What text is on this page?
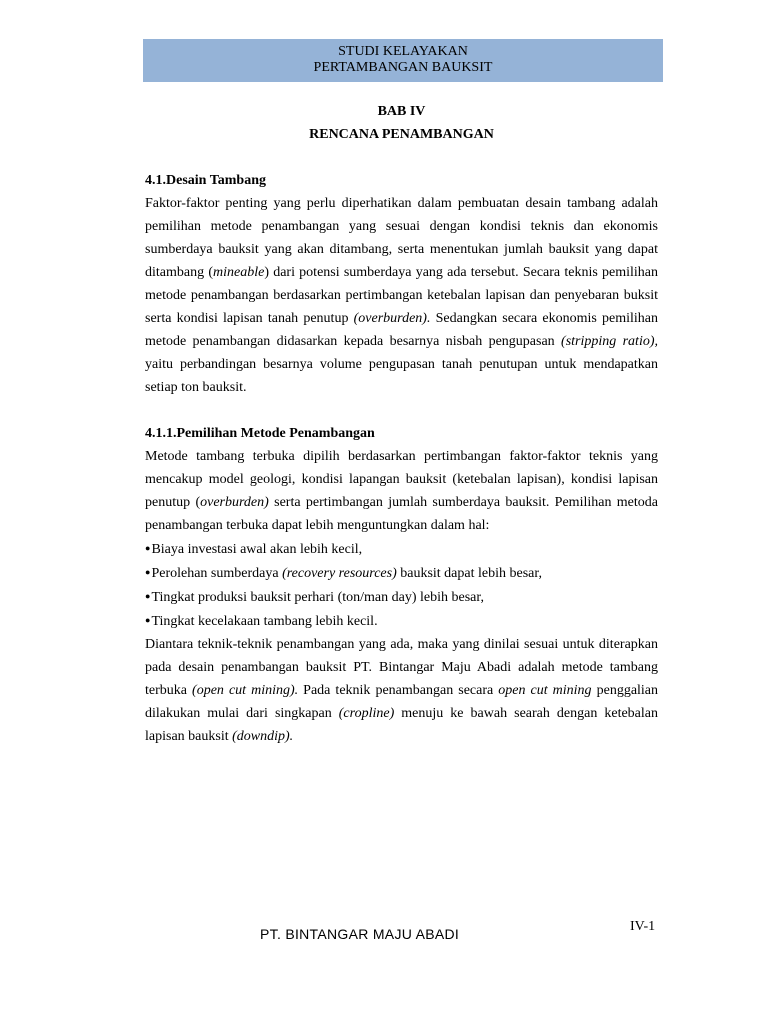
STUDI KELAYAKAN
PERTAMBANGAN BAUKSIT

BAB IV

RENCANA PENAMBANGAN

4.1.Desain Tambang

Faktor-faktor penting yang perlu diperhatikan dalam pembuatan desain tambang adalah pemilihan metode penambangan yang sesuai dengan kondisi teknis dan ekonomis sumberdaya bauksit yang akan ditambang, serta menentukan jumlah bauksit yang dapat ditambang (mineable) dari potensi sumberdaya yang ada tersebut. Secara teknis pemilihan metode penambangan berdasarkan pertimbangan ketebalan lapisan dan penyebaran buksit serta kondisi lapisan tanah penutup (overburden). Sedangkan secara ekonomis pemilihan metode penambangan didasarkan kepada besarnya nisbah pengupasan (stripping ratio), yaitu perbandingan besarnya volume pengupasan tanah penutupan untuk mendapatkan setiap ton bauksit.

4.1.1.Pemilihan Metode Penambangan

Metode tambang terbuka dipilih berdasarkan pertimbangan faktor-faktor teknis yang mencakup model geologi, kondisi lapangan bauksit (ketebalan lapisan), kondisi lapisan penutup (overburden) serta pertimbangan jumlah sumberdaya bauksit. Pemilihan metoda penambangan terbuka dapat lebih menguntungkan dalam hal:

● Biaya investasi awal akan lebih kecil,

● Perolehan sumberdaya (recovery resources) bauksit dapat lebih besar,

● Tingkat produksi bauksit perhari (ton/man day) lebih besar,

● Tingkat kecelakaan tambang lebih kecil.

Diantara teknik-teknik penambangan yang ada, maka yang dinilai sesuai untuk diterapkan pada desain penambangan bauksit PT. Bintangar Maju Abadi adalah metode tambang terbuka (open cut mining). Pada teknik penambangan secara open cut mining penggalian dilakukan mulai dari singkapan (cropline) menuju ke bawah searah dengan ketebalan lapisan bauksit (downdip).

PT. BINTANGAR MAJU ABADI	IV-1
